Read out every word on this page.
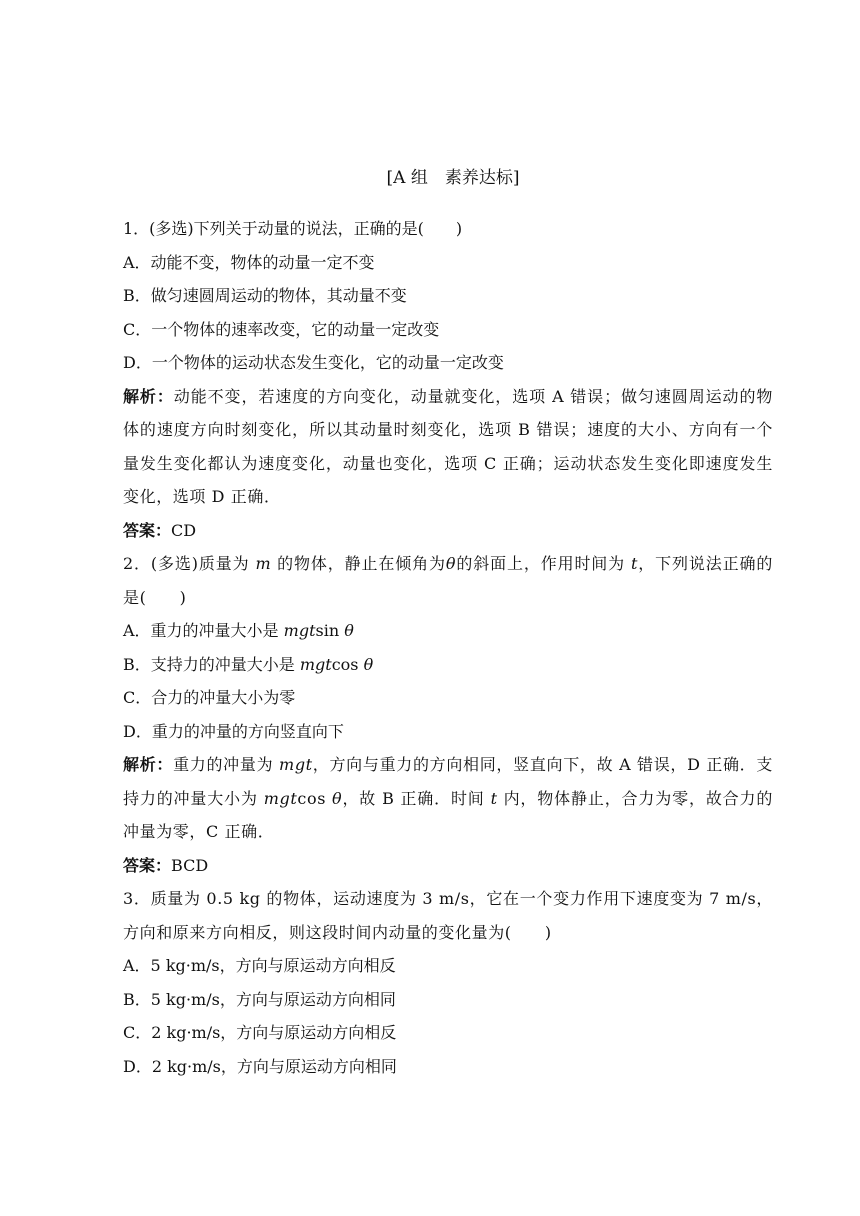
[A 组　素养达标]
1．(多选)下列关于动量的说法，正确的是(　　)
A．动能不变，物体的动量一定不变
B．做匀速圆周运动的物体，其动量不变
C．一个物体的速率改变，它的动量一定改变
D．一个物体的运动状态发生变化，它的动量一定改变
解析：动能不变，若速度的方向变化，动量就变化，选项 A 错误；做匀速圆周运动的物体的速度方向时刻变化，所以其动量时刻变化，选项 B 错误；速度的大小、方向有一个量发生变化都认为速度变化，动量也变化，选项 C 正确；运动状态发生变化即速度发生变化，选项 D 正确．
答案：CD
2．(多选)质量为 m 的物体，静止在倾角为θ的斜面上，作用时间为 t，下列说法正确的是(　　)
A．重力的冲量大小是 mgtsin θ
B．支持力的冲量大小是 mgtcos θ
C．合力的冲量大小为零
D．重力的冲量的方向竖直向下
解析：重力的冲量为 mgt，方向与重力的方向相同，竖直向下，故 A 错误，D 正确．支持力的冲量大小为 mgtcos θ，故 B 正确．时间 t 内，物体静止，合力为零，故合力的冲量为零，C 正确．
答案：BCD
3．质量为 0.5 kg 的物体，运动速度为 3 m/s，它在一个变力作用下速度变为 7 m/s，方向和原来方向相反，则这段时间内动量的变化量为(　　)
A．5 kg·m/s，方向与原运动方向相反
B．5 kg·m/s，方向与原运动方向相同
C．2 kg·m/s，方向与原运动方向相反
D．2 kg·m/s，方向与原运动方向相同
